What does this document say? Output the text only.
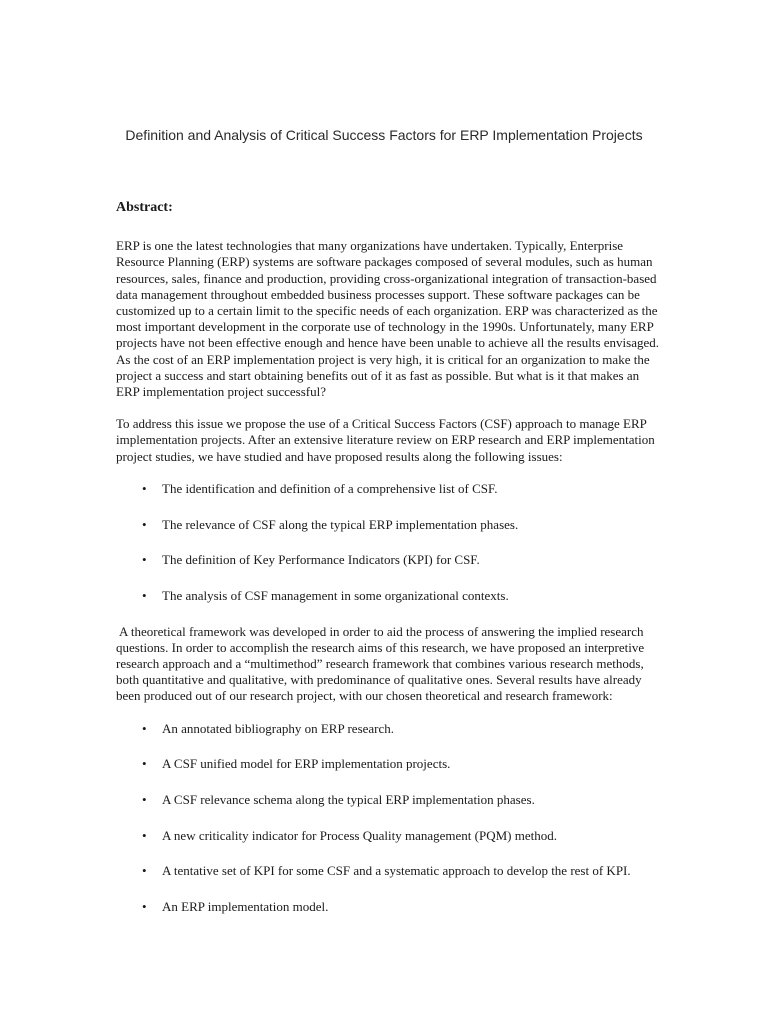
Definition and Analysis of Critical Success Factors for ERP Implementation Projects
Abstract:

ERP is one the latest technologies that many organizations have undertaken. Typically, Enterprise Resource Planning (ERP) systems are software packages composed of several modules, such as human resources, sales, finance and production, providing cross-organizational integration of transaction-based data management throughout embedded business processes support. These software packages can be customized up to a certain limit to the specific needs of each organization. ERP was characterized as the most important development in the corporate use of technology in the 1990s. Unfortunately, many ERP projects have not been effective enough and hence have been unable to achieve all the results envisaged. As the cost of an ERP implementation project is very high, it is critical for an organization to make the project a success and start obtaining benefits out of it as fast as possible. But what is it that makes an ERP implementation project successful?

To address this issue we propose the use of a Critical Success Factors (CSF) approach to manage ERP implementation projects. After an extensive literature review on ERP research and ERP implementation project studies, we have studied and have proposed results along the following issues:

• The identification and definition of a comprehensive list of CSF.
• The relevance of CSF along the typical ERP implementation phases.
• The definition of Key Performance Indicators (KPI) for CSF.
• The analysis of CSF management in some organizational contexts.

A theoretical framework was developed in order to aid the process of answering the implied research questions. In order to accomplish the research aims of this research, we have proposed an interpretive research approach and a “multimethod” research framework that combines various research methods, both quantitative and qualitative, with predominance of qualitative ones. Several results have already been produced out of our research project, with our chosen theoretical and research framework:

• An annotated bibliography on ERP research.
• A CSF unified model for ERP implementation projects.
• A CSF relevance schema along the typical ERP implementation phases.
• A new criticality indicator for Process Quality management (PQM) method.
• A tentative set of KPI for some CSF and a systematic approach to develop the rest of KPI.
• An ERP implementation model.
